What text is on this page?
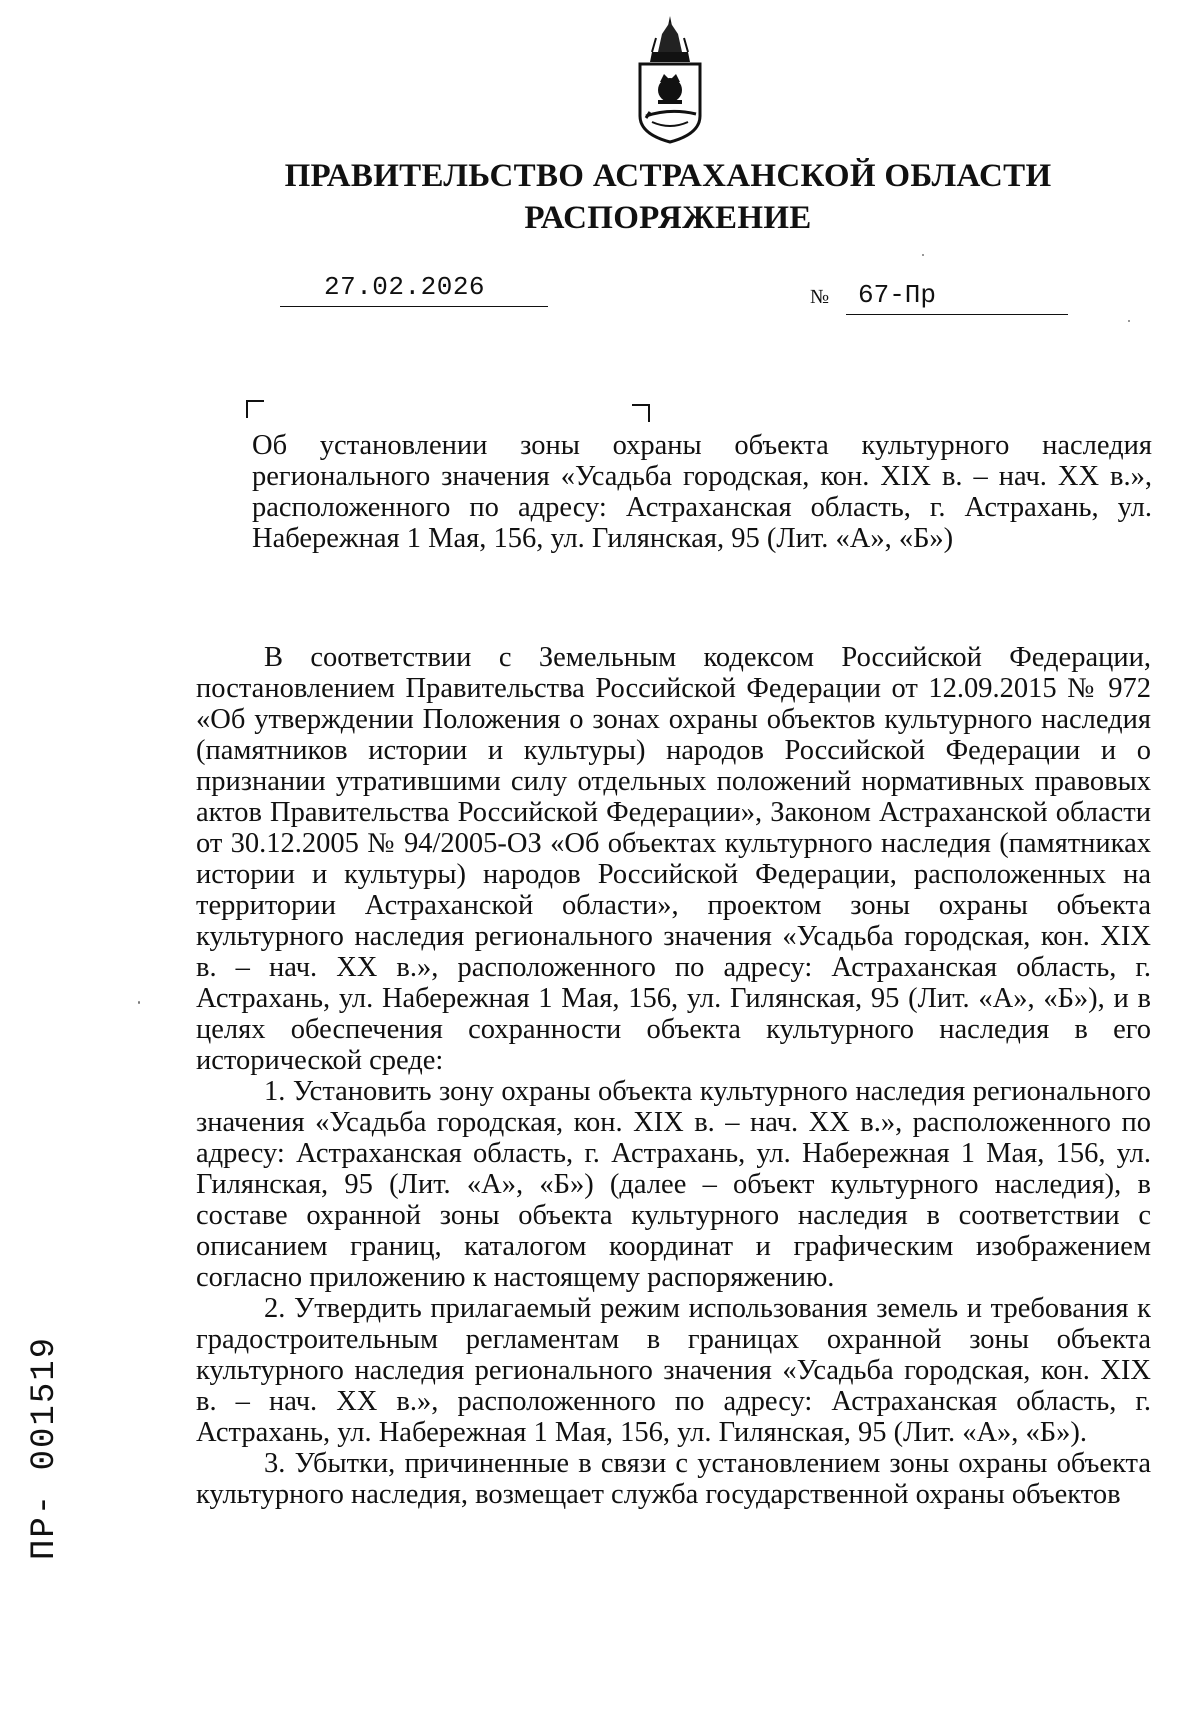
ПРАВИТЕЛЬСТВО АСТРАХАНСКОЙ ОБЛАСТИ
РАСПОРЯЖЕНИЕ
27.02.2026	№ 67-Пр
Об установлении зоны охраны объекта культурного наследия регионального значения «Усадьба городская, кон. XIX в. – нач. XX в.», расположенного по адресу: Астраханская область, г. Астрахань, ул. Набережная 1 Мая, 156, ул. Гилянская, 95 (Лит. «А», «Б»)

В соответствии с Земельным кодексом Российской Федерации, постановлением Правительства Российской Федерации от 12.09.2015 № 972 «Об утверждении Положения о зонах охраны объектов культурного наследия (памятников истории и культуры) народов Российской Федерации и о признании утратившими силу отдельных положений нормативных правовых актов Правительства Российской Федерации», Законом Астраханской области от 30.12.2005 № 94/2005-ОЗ «Об объектах культурного наследия (памятниках истории и культуры) народов Российской Федерации, расположенных на территории Астраханской области», проектом зоны охраны объекта культурного наследия регионального значения «Усадьба городская, кон. XIX в. – нач. XX в.», расположенного по адресу: Астраханская область, г. Астрахань, ул. Набережная 1 Мая, 156, ул. Гилянская, 95 (Лит. «А», «Б»), и в целях обеспечения сохранности объекта культурного наследия в его исторической среде:

1. Установить зону охраны объекта культурного наследия регионального значения «Усадьба городская, кон. XIX в. – нач. XX в.», расположенного по адресу: Астраханская область, г. Астрахань, ул. Набережная 1 Мая, 156, ул. Гилянская, 95 (Лит. «А», «Б») (далее – объект культурного наследия), в составе охранной зоны объекта культурного наследия в соответствии с описанием границ, каталогом координат и графическим изображением согласно приложению к настоящему распоряжению.

2. Утвердить прилагаемый режим использования земель и требования к градостроительным регламентам в границах охранной зоны объекта культурного наследия регионального значения «Усадьба городская, кон. XIX в. – нач. XX в.», расположенного по адресу: Астраханская область, г. Астрахань, ул. Набережная 1 Мая, 156, ул. Гилянская, 95 (Лит. «А», «Б»).

3. Убытки, причиненные в связи с установлением зоны охраны объекта культурного наследия, возмещает служба государственной охраны объектов

ПР- 001519
